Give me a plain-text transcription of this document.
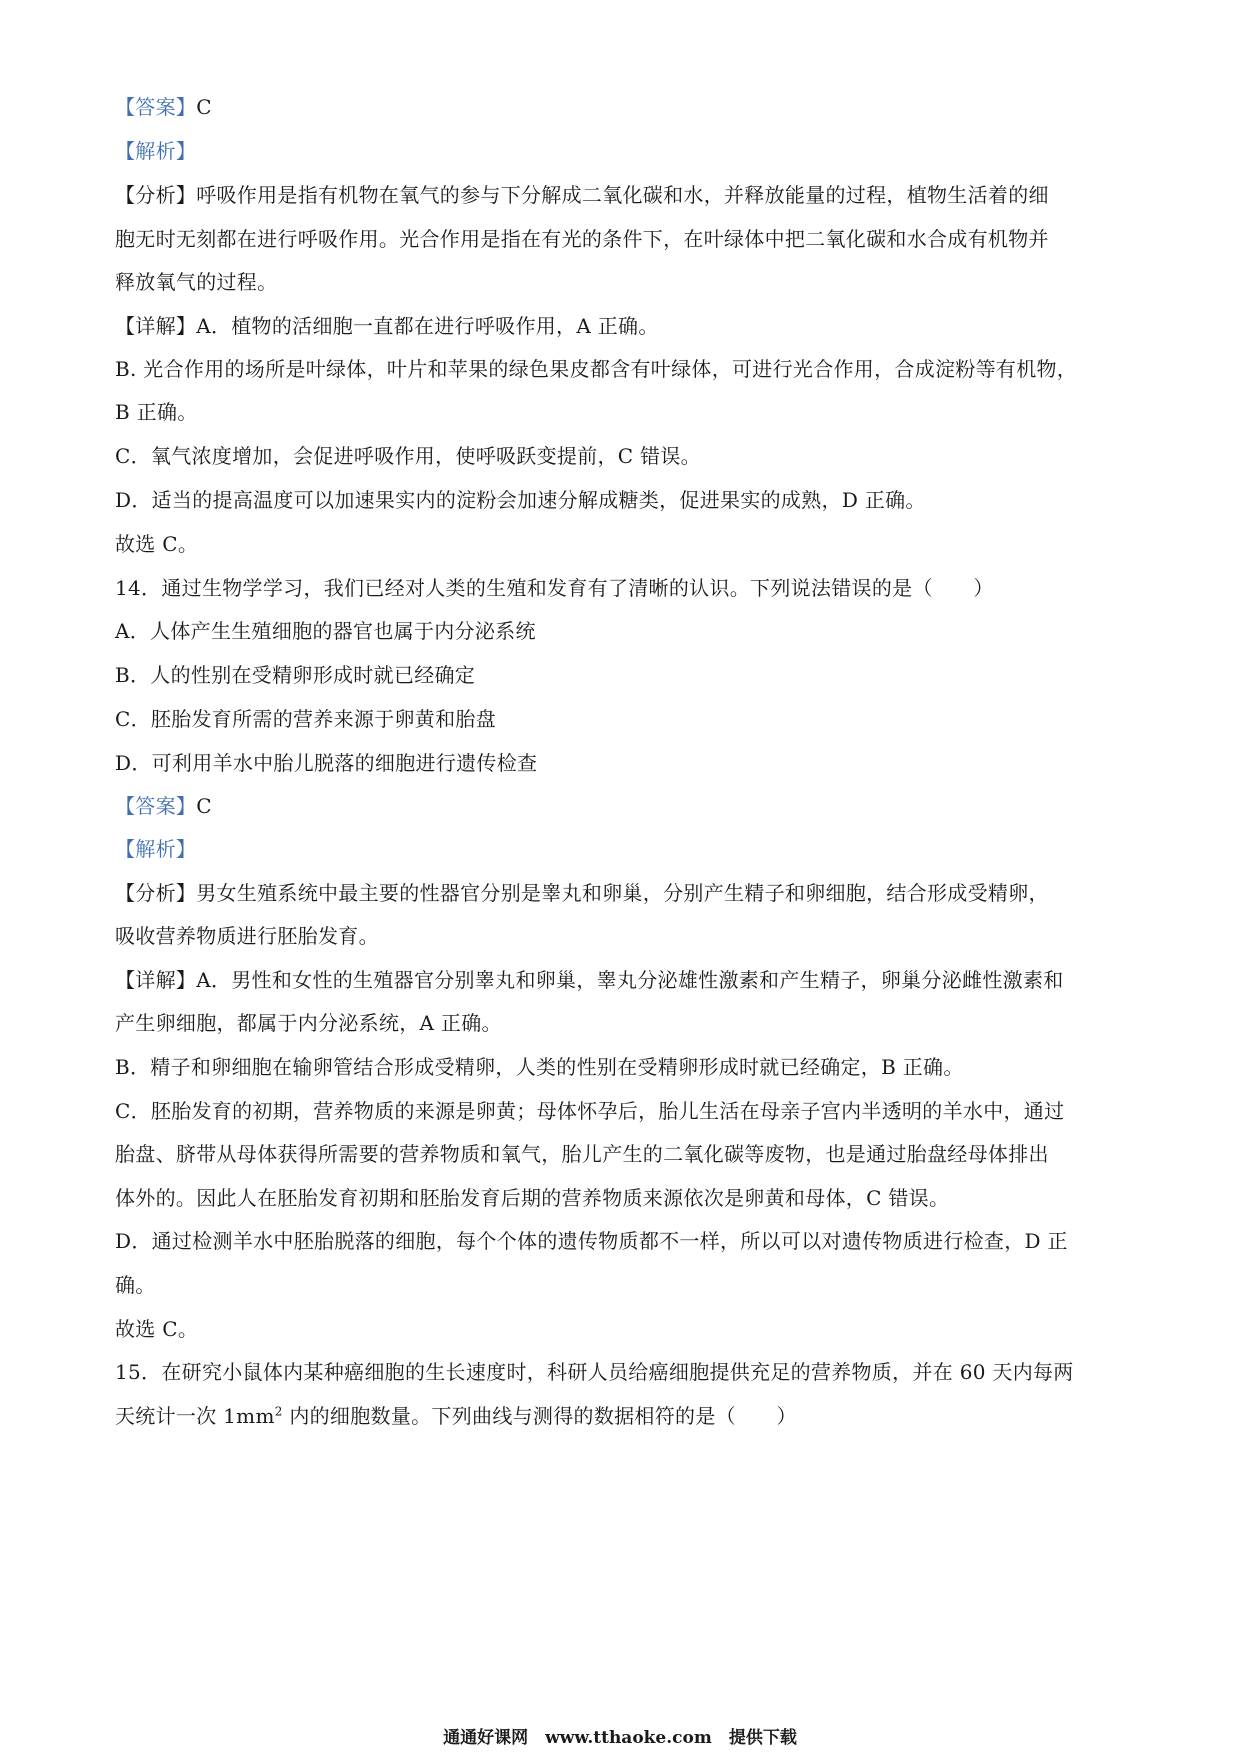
【答案】C

【解析】

【分析】呼吸作用是指有机物在氧气的参与下分解成二氧化碳和水，并释放能量的过程，植物生活着的细

胞无时无刻都在进行呼吸作用。光合作用是指在有光的条件下，在叶绿体中把二氧化碳和水合成有机物并

释放氧气的过程。

【详解】A．植物的活细胞一直都在进行呼吸作用，A 正确。

B. 光合作用的场所是叶绿体，叶片和苹果的绿色果皮都含有叶绿体，可进行光合作用，合成淀粉等有机物，

B 正确。

C．氧气浓度增加，会促进呼吸作用，使呼吸跃变提前，C 错误。

D．适当的提高温度可以加速果实内的淀粉会加速分解成糖类，促进果实的成熟，D 正确。

故选 C。

14．通过生物学学习，我们已经对人类的生殖和发育有了清晰的认识。下列说法错误的是（　　）

A．人体产生生殖细胞的器官也属于内分泌系统

B．人的性别在受精卵形成时就已经确定

C．胚胎发育所需的营养来源于卵黄和胎盘

D．可利用羊水中胎儿脱落的细胞进行遗传检查

【答案】C

【解析】

【分析】男女生殖系统中最主要的性器官分别是睾丸和卵巢，分别产生精子和卵细胞，结合形成受精卵，

吸收营养物质进行胚胎发育。

【详解】A．男性和女性的生殖器官分别睾丸和卵巢，睾丸分泌雄性激素和产生精子，卵巢分泌雌性激素和

产生卵细胞，都属于内分泌系统，A 正确。

B．精子和卵细胞在输卵管结合形成受精卵，人类的性别在受精卵形成时就已经确定，B 正确。

C．胚胎发育的初期，营养物质的来源是卵黄；母体怀孕后，胎儿生活在母亲子宫内半透明的羊水中，通过

胎盘、脐带从母体获得所需要的营养物质和氧气，胎儿产生的二氧化碳等废物，也是通过胎盘经母体排出

体外的。因此人在胚胎发育初期和胚胎发育后期的营养物质来源依次是卵黄和母体，C 错误。

D．通过检测羊水中胚胎脱落的细胞，每个个体的遗传物质都不一样，所以可以对遗传物质进行检查，D 正

确。

故选 C。

15．在研究小鼠体内某种癌细胞的生长速度时，科研人员给癌细胞提供充足的营养物质，并在 60 天内每两

天统计一次 $1mm^2$ 内的细胞数量。下列曲线与测得的数据相符的是（　　）

通通好课网　www.tthaoke.com　提供下载
